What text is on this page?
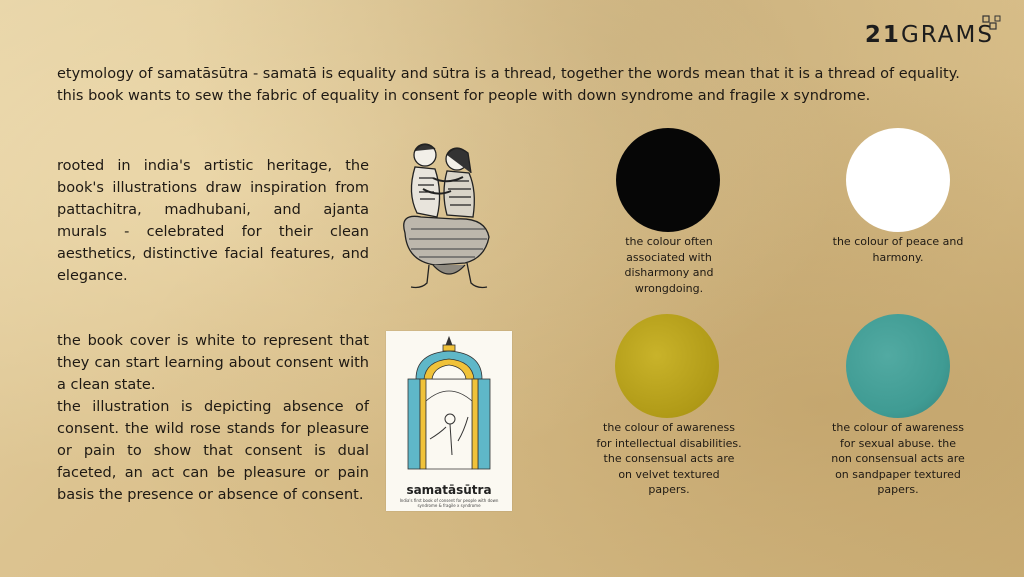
21GRAMS
etymology of samatāsūtra - samatā is equality and sūtra is a thread, together the words mean that it is a thread of equality. this book wants to sew the fabric of equality in consent for people with down syndrome and fragile x syndrome.
rooted in india's artistic heritage, the book's illustrations draw inspiration from pattachitra, madhubani, and ajanta murals - celebrated for their clean aesthetics, distinctive facial features, and elegance.
the book cover is white to represent that they can start learning about consent with a clean state.
the illustration is depicting absence of consent. the wild rose stands for pleasure or pain to show that consent is dual faceted, an act can be pleasure or pain basis the presence or absence of consent.	samatāsūtra
India's first book of consent for people with down syndrome & fragile x syndrome
the colour often associated with disharmony and wrongdoing.
the colour of peace and harmony.
the colour of awareness for intellectual disabilities. the consensual acts are on velvet textured papers.
the colour of awareness for sexual abuse. the non consensual acts are on sandpaper textured papers.
